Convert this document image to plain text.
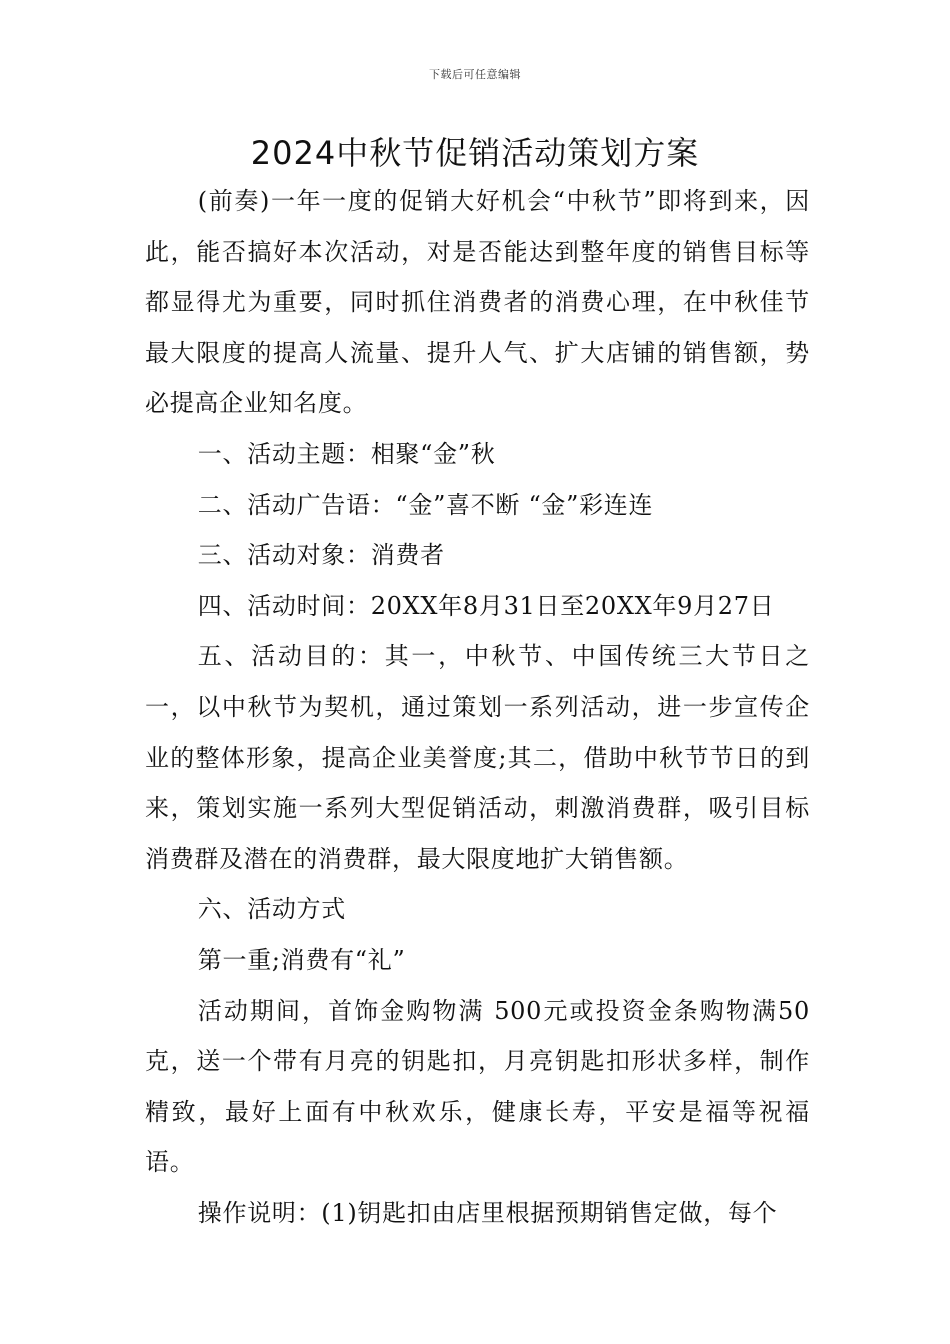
下载后可任意编辑
2024中秋节促销活动策划方案

(前奏)一年一度的促销大好机会“中秋节”即将到来，因此，能否搞好本次活动，对是否能达到整年度的销售目标等都显得尤为重要，同时抓住消费者的消费心理，在中秋佳节最大限度的提高人流量、提升人气、扩大店铺的销售额，势必提高企业知名度。

一、活动主题：相聚“金”秋

二、活动广告语：“金”喜不断 “金”彩连连

三、活动对象：消费者

四、活动时间：20XX年8月31日至20XX年9月27日

五、活动目的：其一，中秋节、中国传统三大节日之一，以中秋节为契机，通过策划一系列活动，进一步宣传企业的整体形象，提高企业美誉度;其二，借助中秋节节日的到来，策划实施一系列大型促销活动，刺激消费群，吸引目标消费群及潜在的消费群，最大限度地扩大销售额。

六、活动方式

第一重;消费有“礼”

活动期间，首饰金购物满 500元或投资金条购物满50克，送一个带有月亮的钥匙扣，月亮钥匙扣形状多样，制作精致，最好上面有中秋欢乐，健康长寿，平安是福等祝福语。

操作说明：(1)钥匙扣由店里根据预期销售定做，每个
